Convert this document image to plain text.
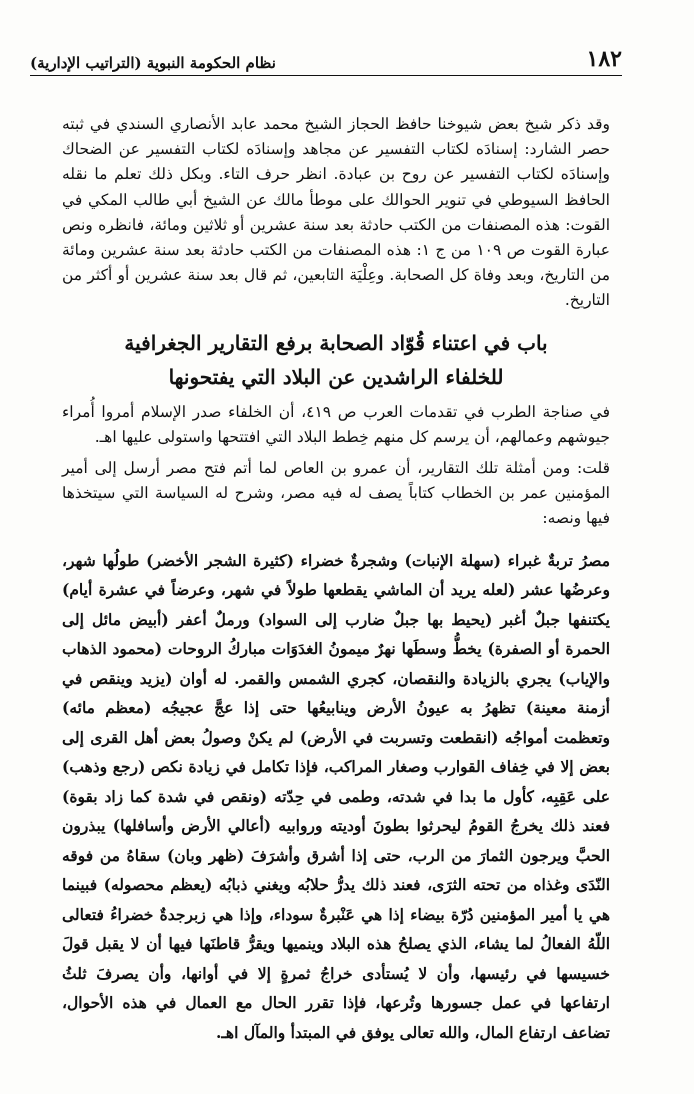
١٨٢
نظام الحكومة النبوية (التراتيب الإدارية)

وقد ذكر شيخ بعض شيوخنا حافظ الحجاز الشيخ محمد عابد الأنصاري السندي في ثبته حصر الشارد: إسنادَه لكتاب التفسير عن مجاهد وإسنادَه لكتاب التفسير عن الضحاك وإسنادَه لكتاب التفسير عن روح بن عبادة. انظر حرف التاء. وبكل ذلك تعلم ما نقله الحافظ السيوطي في تنوير الحوالك على موطأ مالك عن الشيخ أبي طالب المكي في القوت: هذه المصنفات من الكتب حادثة بعد سنة عشرين أو ثلاثين ومائة، فانظره ونص عبارة القوت ص ١٠٩ من ج ١: هذه المصنفات من الكتب حادثة بعد سنة عشرين ومائة من التاريخ، وبعد وفاة كل الصحابة. وعِلْيَة التابعين، ثم قال بعد سنة عشرين أو أكثر من التاريخ.

باب في اعتناء قُوّاد الصحابة برفع التقارير الجغرافية
للخلفاء الراشدين عن البلاد التي يفتحونها

في صناجة الطرب في تقدمات العرب ص ٤١٩، أن الخلفاء صدر الإسلام أمروا أُمراء جيوشهم وعمالهم، أن يرسم كل منهم خِطط البلاد التي افتتحها واستولى عليها اهـ.

قلت: ومن أمثلة تلك التقارير، أن عمرو بن العاص لما أتم فتح مصر أرسل إلى أمير المؤمنين عمر بن الخطاب كتاباً يصف له فيه مصر، وشرح له السياسة التي سيتخذها فيها ونصه:

مصرُ تربةٌ غبراء (سهلة الإنبات) وشجرةٌ خضراء (كثيرة الشجر الأخضر) طولُها شهر، وعرضُها عشر (لعله يريد أن الماشي يقطعها طولاً في شهر، وعرضاً في عشرة أيام) يكتنفها جبلٌ أغبر (يحيط بها جبلٌ ضارب إلى السواد) ورملٌ أعفر (أبيض مائل إلى الحمرة أو الصفرة) يخطُّ وسطَها نهرٌ ميمونُ الغدَوَات مباركُ الروحات (محمود الذهاب والإياب) يجري بالزيادة والنقصان، كجري الشمس والقمر. له أوان (يزيد وينقص في أزمنة معينة) تظهرُ به عيونُ الأرض وينابيعُها حتى إذا عجَّ عجيجُه (معظم مائه) وتعظمت أمواجُه (انقطعت وتسربت في الأرض) لم يكنْ وصولُ بعض أهل القرى إلى بعض إلا في خِفاف القوارب وصغار المراكب، فإذا تكامل في زيادة نكص (رجع وذهب) على عَقِبِه، كأول ما بدا في شدته، وطمى في حِدّته (ونقص في شدة كما زاد بقوة) فعند ذلك يخرجُ القومُ ليحرثوا بطونَ أوديته وروابيه (أعالي الأرض وأسافلها) يبذرون الحبَّ ويرجون الثمارَ من الرب، حتى إذا أشرق وأشرَفَ (ظهر وبان) سقاهُ من فوقه النّدَى وغذاه من تحته الثرَى، فعند ذلك يدرُّ حلابُه ويغني ذبابُه (يعظم محصوله) فبينما هي يا أمير المؤمنين دُرّة بيضاء إذا هي عَنْبرةٌ سوداء، وإذا هي زبرجدةٌ خضراءُ فتعالى اللّهُ الفعالُ لما يشاء، الذي يصلحُ هذه البلاد وينميها ويقرُّ قاطنَها فيها أن لا يقبل قولَ خسيسها في رئيسها، وأن لا يُستأدى خراجُ ثمرةٍ إلا في أوانها، وأن يصرفَ ثلثُ ارتفاعها في عمل جسورها وتُرعها، فإذا تقرر الحال مع العمال في هذه الأحوال، تضاعف ارتفاع المال، والله تعالى يوفق في المبتدأ والمآل اهـ.
